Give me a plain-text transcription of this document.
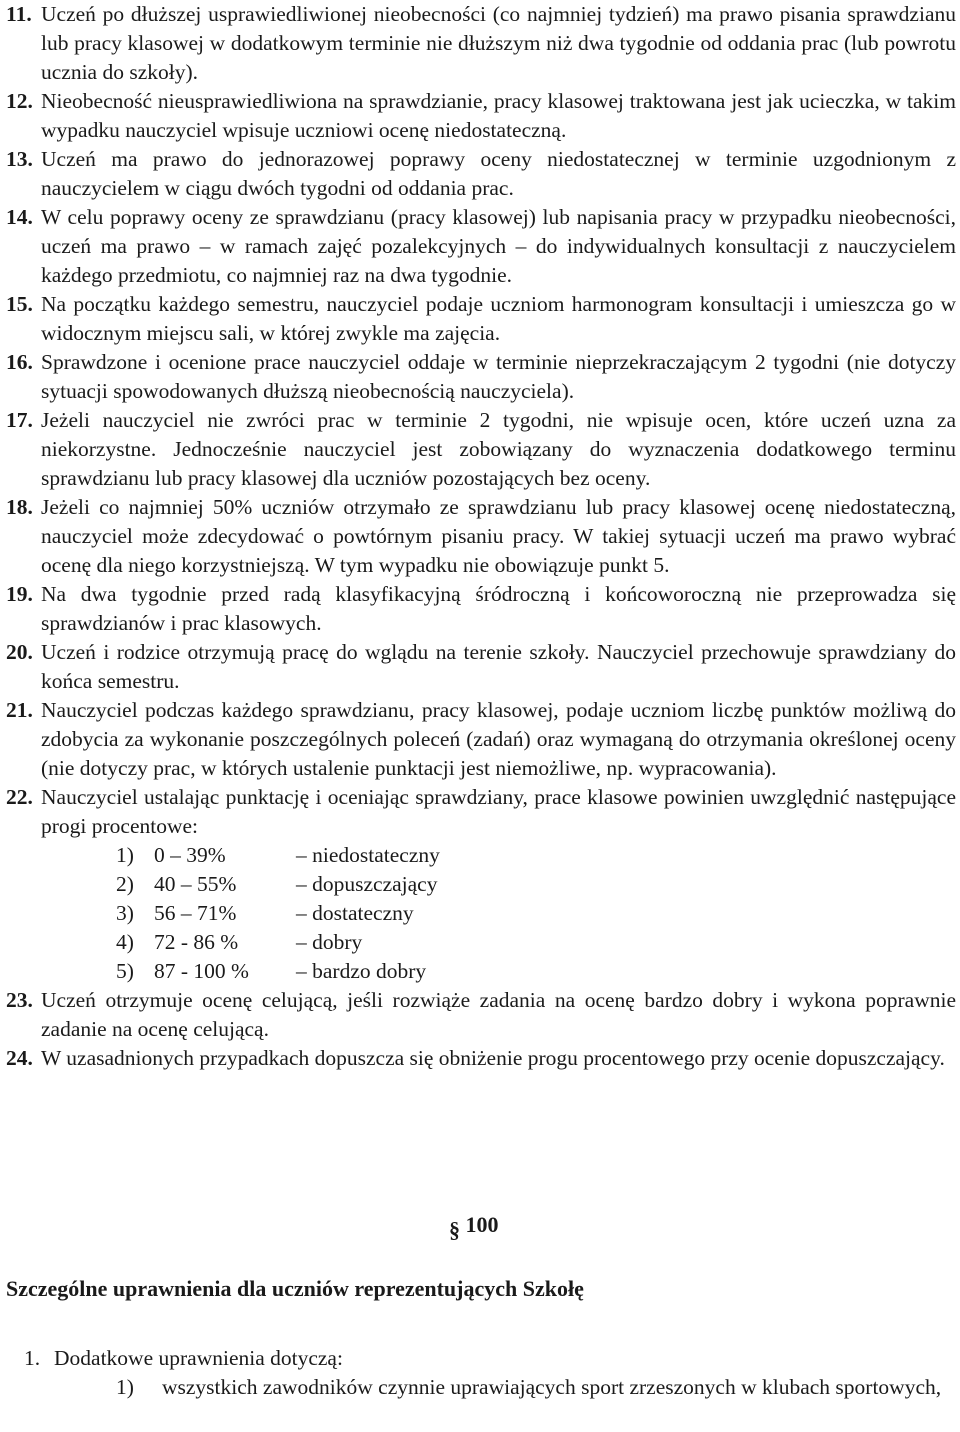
11. Uczeń po dłuższej usprawiedliwionej nieobecności (co najmniej tydzień) ma prawo pisania sprawdzianu lub pracy klasowej w dodatkowym terminie nie dłuższym niż dwa tygodnie od oddania prac (lub powrotu ucznia do szkoły).
12. Nieobecność nieusprawiedliwiona na sprawdzianie, pracy klasowej traktowana jest jak ucieczka, w takim wypadku nauczyciel wpisuje uczniowi ocenę niedostateczną.
13. Uczeń ma prawo do jednorazowej poprawy oceny niedostatecznej w terminie uzgodnionym z nauczycielem w ciągu dwóch tygodni od oddania prac.
14. W celu poprawy oceny ze sprawdzianu (pracy klasowej) lub napisania pracy w przypadku nieobecności, uczeń ma prawo – w ramach zajęć pozalekcyjnych – do indywidualnych konsultacji z nauczycielem każdego przedmiotu, co najmniej raz na dwa tygodnie.
15. Na początku każdego semestru, nauczyciel podaje uczniom harmonogram konsultacji i umieszcza go w widocznym miejscu sali, w której zwykle ma zajęcia.
16. Sprawdzone i ocenione prace nauczyciel oddaje w terminie nieprzekraczającym 2 tygodni (nie dotyczy sytuacji spowodowanych dłuższą nieobecnością nauczyciela).
17. Jeżeli nauczyciel nie zwróci prac w terminie 2 tygodni, nie wpisuje ocen, które uczeń uzna za niekorzystne. Jednocześnie nauczyciel jest zobowiązany do wyznaczenia dodatkowego terminu sprawdzianu lub pracy klasowej dla uczniów pozostających bez oceny.
18. Jeżeli co najmniej 50% uczniów otrzymało ze sprawdzianu lub pracy klasowej ocenę niedostateczną, nauczyciel może zdecydować o powtórnym pisaniu pracy. W takiej sytuacji uczeń ma prawo wybrać ocenę dla niego korzystniejszą. W tym wypadku nie obowiązuje punkt 5.
19. Na dwa tygodnie przed radą klasyfikacyjną śródroczną i końcoworoczną nie przeprowadza się sprawdzianów i prac klasowych.
20. Uczeń i rodzice otrzymują pracę do wglądu na terenie szkoły. Nauczyciel przechowuje sprawdziany do końca semestru.
21. Nauczyciel podczas każdego sprawdzianu, pracy klasowej, podaje uczniom liczbę punktów możliwą do zdobycia za wykonanie poszczególnych poleceń (zadań) oraz wymaganą do otrzymania określonej oceny (nie dotyczy prac, w których ustalenie punktacji jest niemożliwe, np. wypracowania).
22. Nauczyciel ustalając punktację i oceniając sprawdziany, prace klasowe powinien uwzględnić następujące progi procentowe:
1) 0 – 39%	– niedostateczny
2) 40 – 55%	– dopuszczający
3) 56 – 71%	– dostateczny
4) 72 - 86 %	– dobry
5) 87 - 100 % – bardzo dobry
23. Uczeń otrzymuje ocenę celującą, jeśli rozwiąże zadania na ocenę bardzo dobry i wykona poprawnie zadanie na ocenę celującą.
24. W uzasadnionych przypadkach dopuszcza się obniżenie progu procentowego przy ocenie dopuszczający.
§ 100
Szczególne uprawnienia dla uczniów reprezentujących Szkołę
1. Dodatkowe uprawnienia dotyczą:
1) wszystkich zawodników czynnie uprawiających sport zrzeszonych w klubach sportowych,
